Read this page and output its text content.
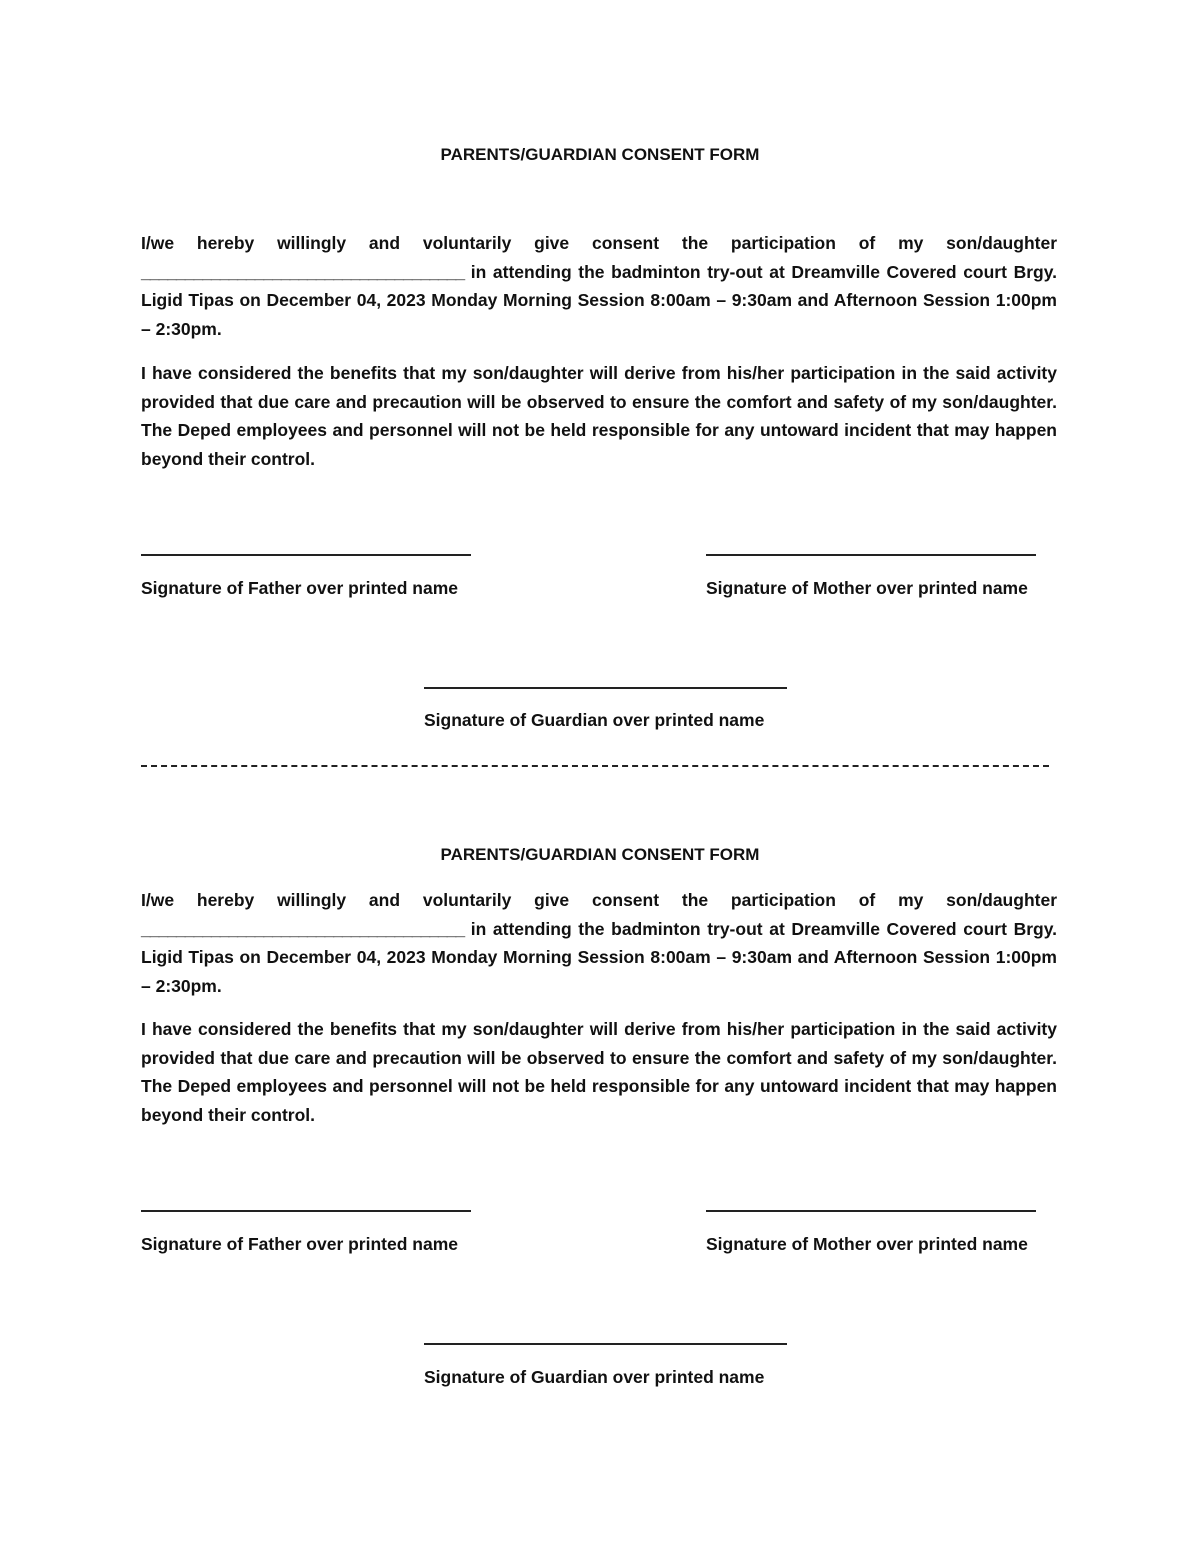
PARENTS/GUARDIAN CONSENT FORM
I/we hereby willingly and voluntarily give consent the participation of my son/daughter _____________________________________ in attending the badminton try-out at Dreamville Covered court Brgy. Ligid Tipas on December 04, 2023 Monday Morning Session 8:00am – 9:30am and Afternoon Session 1:00pm – 2:30pm.
I have considered the benefits that my son/daughter will derive from his/her participation in the said activity provided that due care and precaution will be observed to ensure the comfort and safety of my son/daughter. The Deped employees and personnel will not be held responsible for any untoward incident that may happen beyond their control.
Signature of Father over printed name	Signature of Mother over printed name
Signature of Guardian over printed name
PARENTS/GUARDIAN CONSENT FORM
I/we hereby willingly and voluntarily give consent the participation of my son/daughter _____________________________________ in attending the badminton try-out at Dreamville Covered court Brgy. Ligid Tipas on December 04, 2023 Monday Morning Session 8:00am – 9:30am and Afternoon Session 1:00pm – 2:30pm.
I have considered the benefits that my son/daughter will derive from his/her participation in the said activity provided that due care and precaution will be observed to ensure the comfort and safety of my son/daughter. The Deped employees and personnel will not be held responsible for any untoward incident that may happen beyond their control.
Signature of Father over printed name	Signature of Mother over printed name
Signature of Guardian over printed name
